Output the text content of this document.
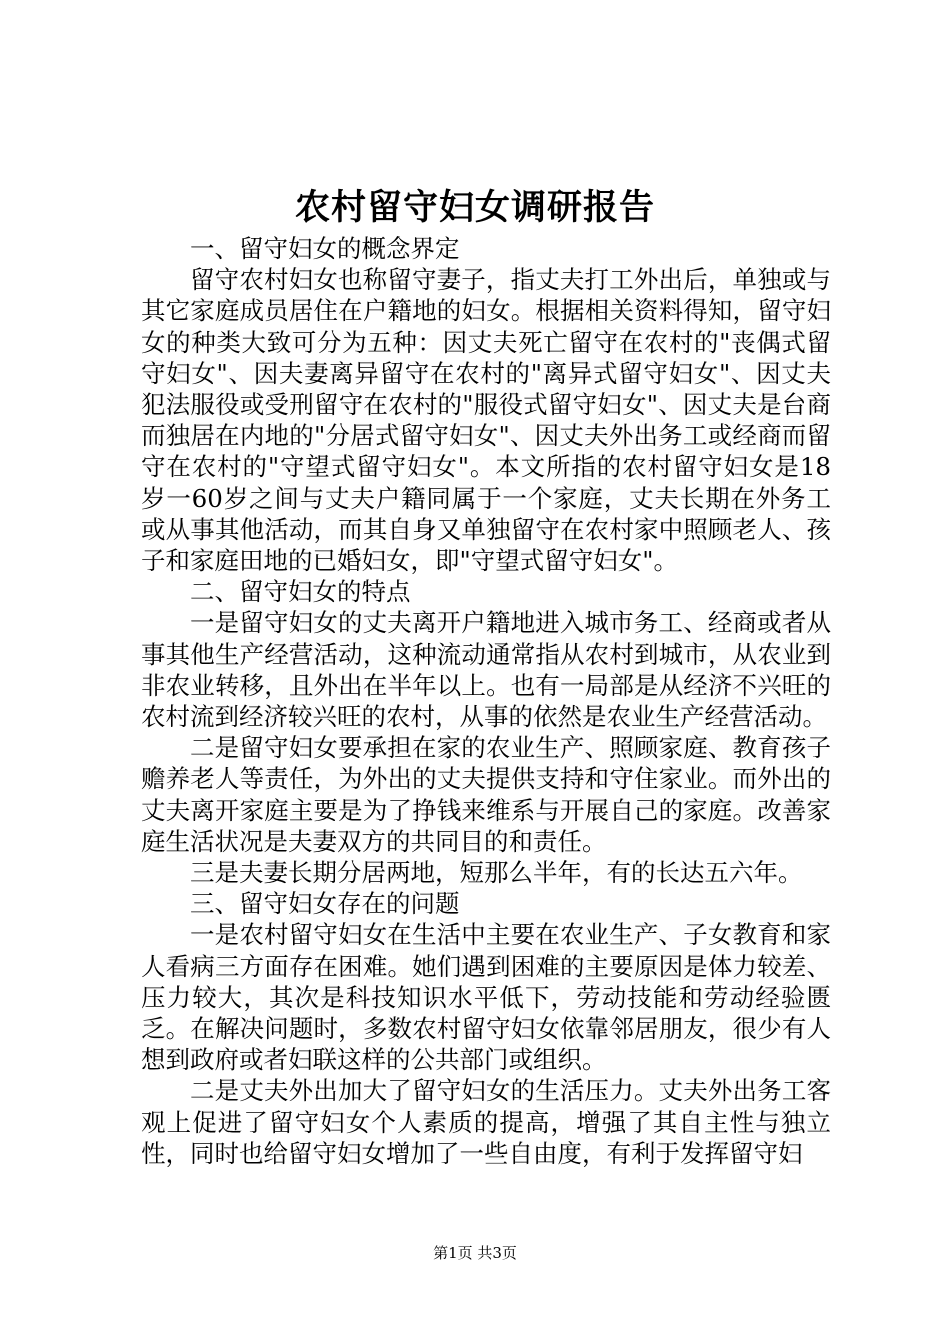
农村留守妇女调研报告

一、留守妇女的概念界定

留守农村妇女也称留守妻子，指丈夫打工外出后，单独或与其它家庭成员居住在户籍地的妇女。根据相关资料得知，留守妇女的种类大致可分为五种：因丈夫死亡留守在农村的"丧偶式留守妇女"、因夫妻离异留守在农村的"离异式留守妇女"、因丈夫犯法服役或受刑留守在农村的"服役式留守妇女"、因丈夫是台商而独居在内地的"分居式留守妇女"、因丈夫外出务工或经商而留守在农村的"守望式留守妇女"。本文所指的农村留守妇女是18岁一60岁之间与丈夫户籍同属于一个家庭，丈夫长期在外务工或从事其他活动，而其自身又单独留守在农村家中照顾老人、孩子和家庭田地的已婚妇女，即"守望式留守妇女"。

二、留守妇女的特点

一是留守妇女的丈夫离开户籍地进入城市务工、经商或者从事其他生产经营活动，这种流动通常指从农村到城市，从农业到非农业转移，且外出在半年以上。也有一局部是从经济不兴旺的农村流到经济较兴旺的农村，从事的依然是农业生产经营活动。

二是留守妇女要承担在家的农业生产、照顾家庭、教育孩子赡养老人等责任，为外出的丈夫提供支持和守住家业。而外出的丈夫离开家庭主要是为了挣钱来维系与开展自己的家庭。改善家庭生活状况是夫妻双方的共同目的和责任。

三是夫妻长期分居两地，短那么半年，有的长达五六年。

三、留守妇女存在的问题

一是农村留守妇女在生活中主要在农业生产、子女教育和家人看病三方面存在困难。她们遇到困难的主要原因是体力较差、压力较大，其次是科技知识水平低下，劳动技能和劳动经验匮乏。在解决问题时，多数农村留守妇女依靠邻居朋友，很少有人想到政府或者妇联这样的公共部门或组织。

二是丈夫外出加大了留守妇女的生活压力。丈夫外出务工客观上促进了留守妇女个人素质的提高，增强了其自主性与独立性，同时也给留守妇女增加了一些自由度，有利于发挥留守妇

第1页 共3页
